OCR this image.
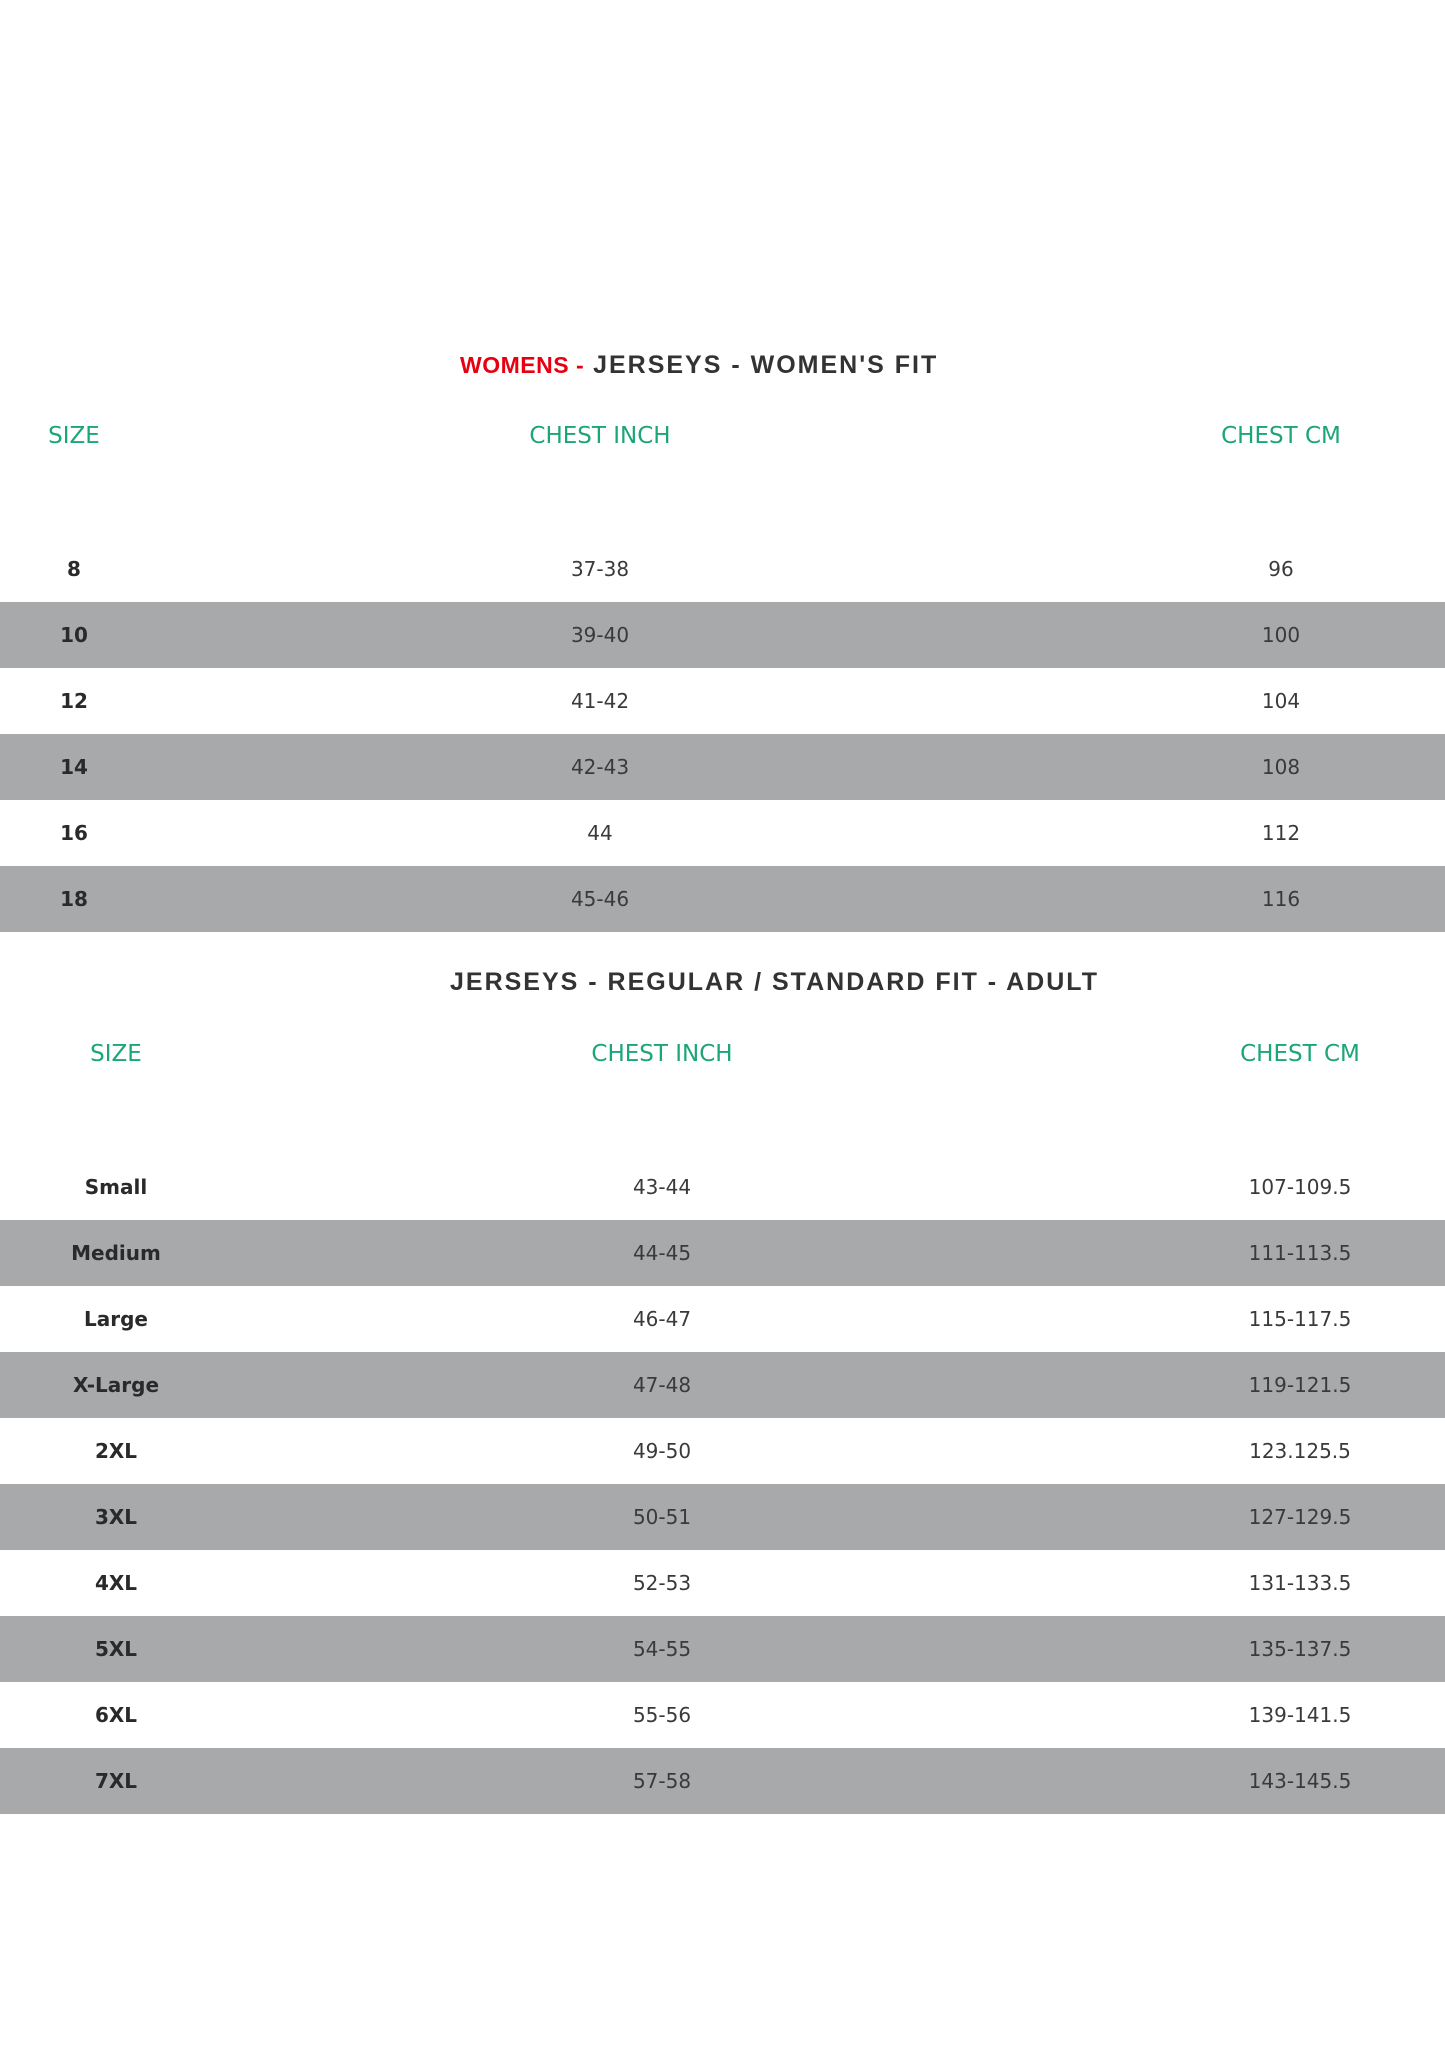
WOMENS - JERSEYS - WOMEN'S FIT
SIZE	CHEST INCH	CHEST CM
8	37-38	96
10	39-40	100
12	41-42	104
14	42-43	108
16	44	112
18	45-46	116
JERSEYS - REGULAR / STANDARD FIT - ADULT
SIZE	CHEST INCH	CHEST CM
Small	43-44	107-109.5
Medium	44-45	111-113.5
Large	46-47	115-117.5
X-Large	47-48	119-121.5
2XL	49-50	123.125.5
3XL	50-51	127-129.5
4XL	52-53	131-133.5
5XL	54-55	135-137.5
6XL	55-56	139-141.5
7XL	57-58	143-145.5
